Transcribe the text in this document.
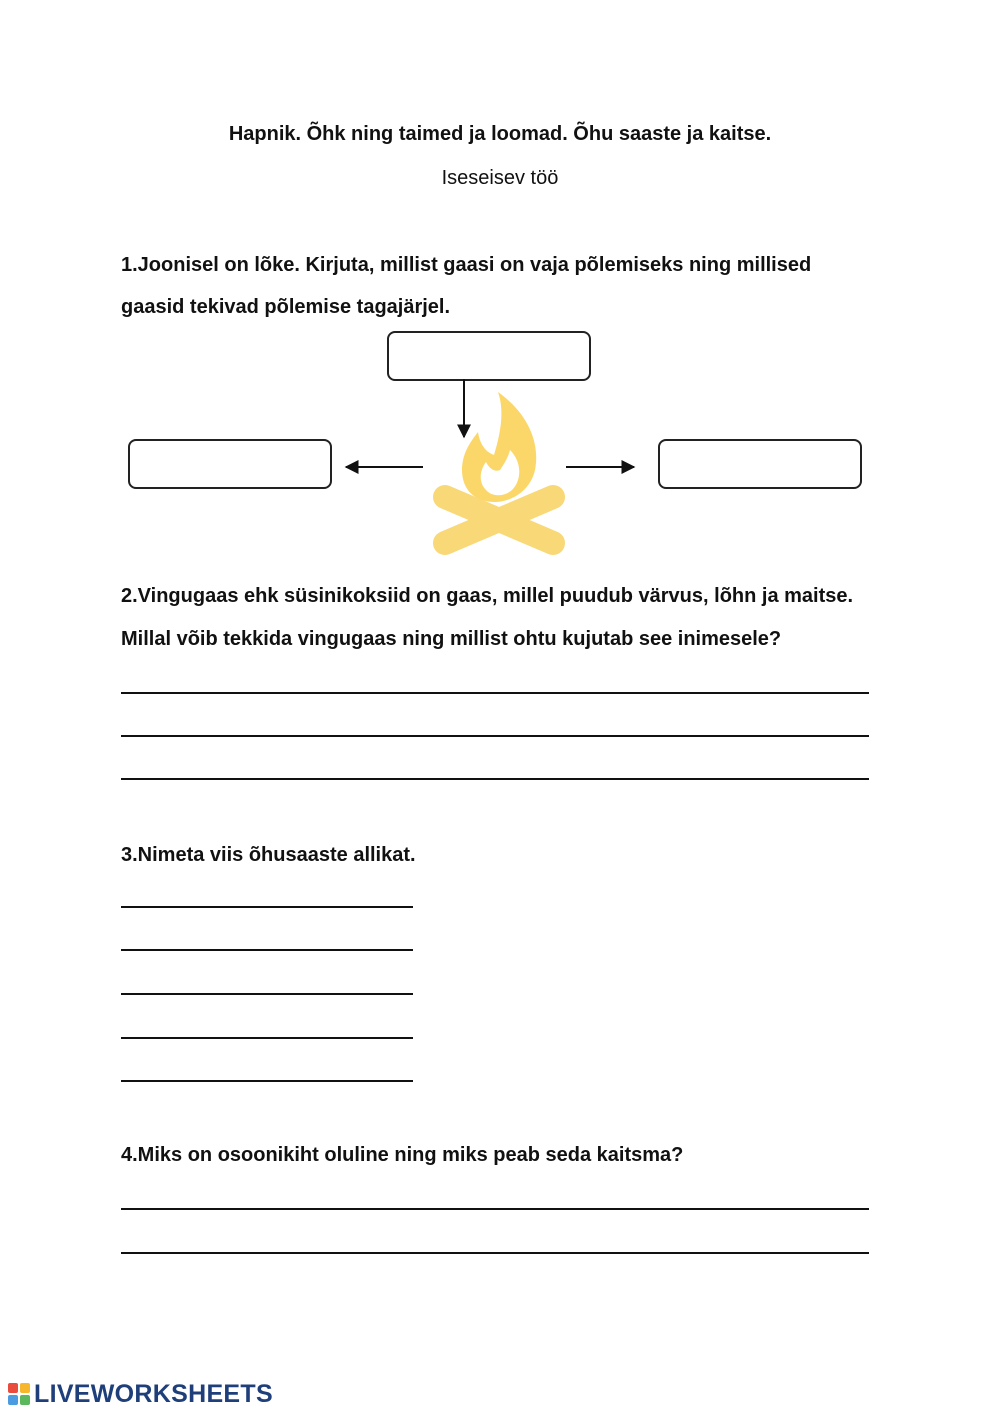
Hapnik. Õhk ning taimed ja loomad. Õhu saaste ja kaitse.
Iseseisev töö
1.Joonisel on lõke. Kirjuta, millist gaasi on vaja põlemiseks ning millised
gaasid tekivad põlemise tagajärjel.
2.Vingugaas ehk süsinikoksiid on gaas, millel puudub värvus, lõhn ja maitse.
Millal võib tekkida vingugaas ning millist ohtu kujutab see inimesele?
3.Nimeta viis õhusaaste allikat.
4.Miks on osoonikiht oluline ning miks peab seda kaitsma?
LIVEWORKSHEETS
